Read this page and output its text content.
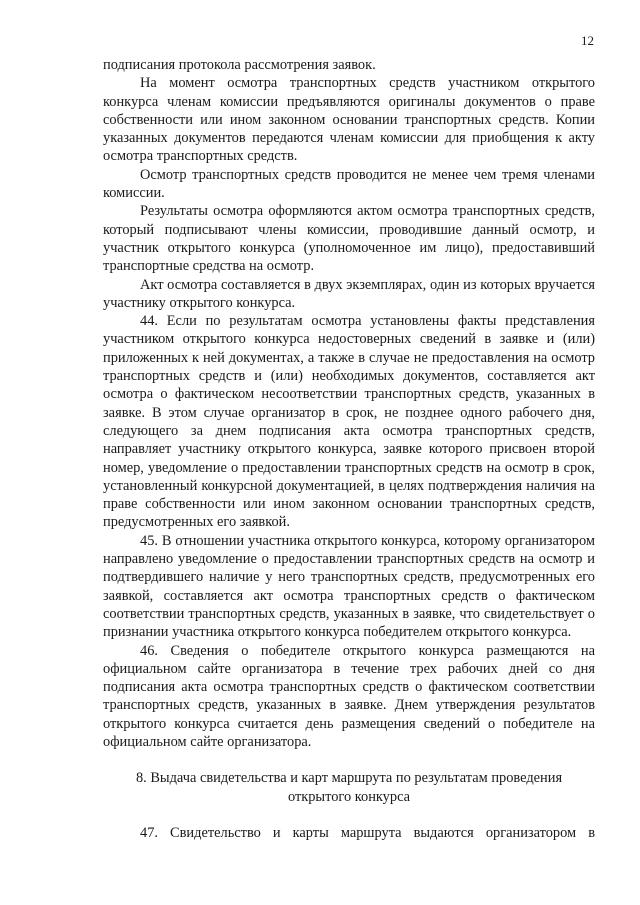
12

подписания протокола рассмотрения заявок.

На момент осмотра транспортных средств участником открытого конкурса членам комиссии предъявляются оригиналы документов о праве собственности или ином законном основании транспортных средств. Копии указанных документов передаются членам комиссии для приобщения к акту осмотра транспортных средств.

Осмотр транспортных средств проводится не менее чем тремя членами комиссии.

Результаты осмотра оформляются актом осмотра транспортных средств, который подписывают члены комиссии, проводившие данный осмотр, и участник открытого конкурса (уполномоченное им лицо), предоставивший транспортные средства на осмотр.

Акт осмотра составляется в двух экземплярах, один из которых вручается участнику открытого конкурса.

44. Если по результатам осмотра установлены факты представления участником открытого конкурса недостоверных сведений в заявке и (или) приложенных к ней документах, а также в случае не предоставления на осмотр транспортных средств и (или) необходимых документов, составляется акт осмотра о фактическом несоответствии транспортных средств, указанных в заявке. В этом случае организатор в срок, не позднее одного рабочего дня, следующего за днем подписания акта осмотра транспортных средств, направляет участнику открытого конкурса, заявке которого присвоен второй номер, уведомление о предоставлении транспортных средств на осмотр в срок, установленный конкурсной документацией, в целях подтверждения наличия на праве собственности или ином законном основании транспортных средств, предусмотренных его заявкой.

45. В отношении участника открытого конкурса, которому организатором направлено уведомление о предоставлении транспортных средств на осмотр и подтвердившего наличие у него транспортных средств, предусмотренных его заявкой, составляется акт осмотра транспортных средств о фактическом соответствии транспортных средств, указанных в заявке, что свидетельствует о признании участника открытого конкурса победителем открытого конкурса.

46. Сведения о победителе открытого конкурса размещаются на официальном сайте организатора в течение трех рабочих дней со дня подписания акта осмотра транспортных средств о фактическом соответствии транспортных средств, указанных в заявке. Днем утверждения результатов открытого конкурса считается день размещения сведений о победителе на официальном сайте организатора.

8. Выдача свидетельства и карт маршрута по результатам проведения
открытого конкурса

47. Свидетельство и карты маршрута выдаются организатором в
